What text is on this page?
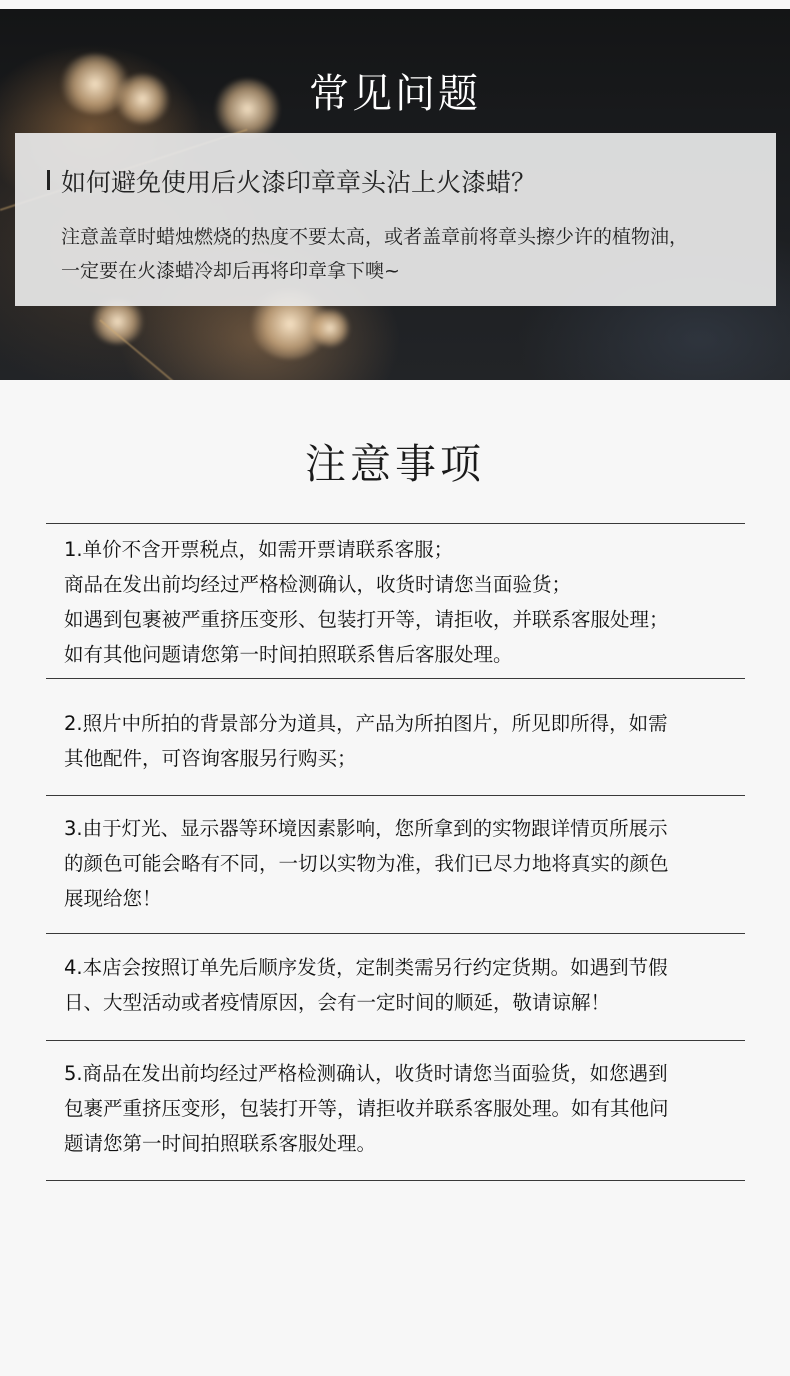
常见问题
如何避免使用后火漆印章章头沾上火漆蜡？
注意盖章时蜡烛燃烧的热度不要太高，或者盖章前将章头擦少许的植物油，
一定要在火漆蜡冷却后再将印章拿下噢~
注意事项

1.单价不含开票税点，如需开票请联系客服；

商品在发出前均经过严格检测确认，收货时请您当面验货；

如遇到包裹被严重挤压变形、包装打开等，请拒收，并联系客服处理；

如有其他问题请您第一时间拍照联系售后客服处理。

2.照片中所拍的背景部分为道具，产品为所拍图片，所见即所得，如需

其他配件，可咨询客服另行购买；

3.由于灯光、显示器等环境因素影响，您所拿到的实物跟详情页所展示

的颜色可能会略有不同，一切以实物为准，我们已尽力地将真实的颜色

展现给您！

4.本店会按照订单先后顺序发货，定制类需另行约定货期。如遇到节假

日、大型活动或者疫情原因，会有一定时间的顺延，敬请谅解！

5.商品在发出前均经过严格检测确认，收货时请您当面验货，如您遇到

包裹严重挤压变形，包装打开等，请拒收并联系客服处理。如有其他问

题请您第一时间拍照联系客服处理。
